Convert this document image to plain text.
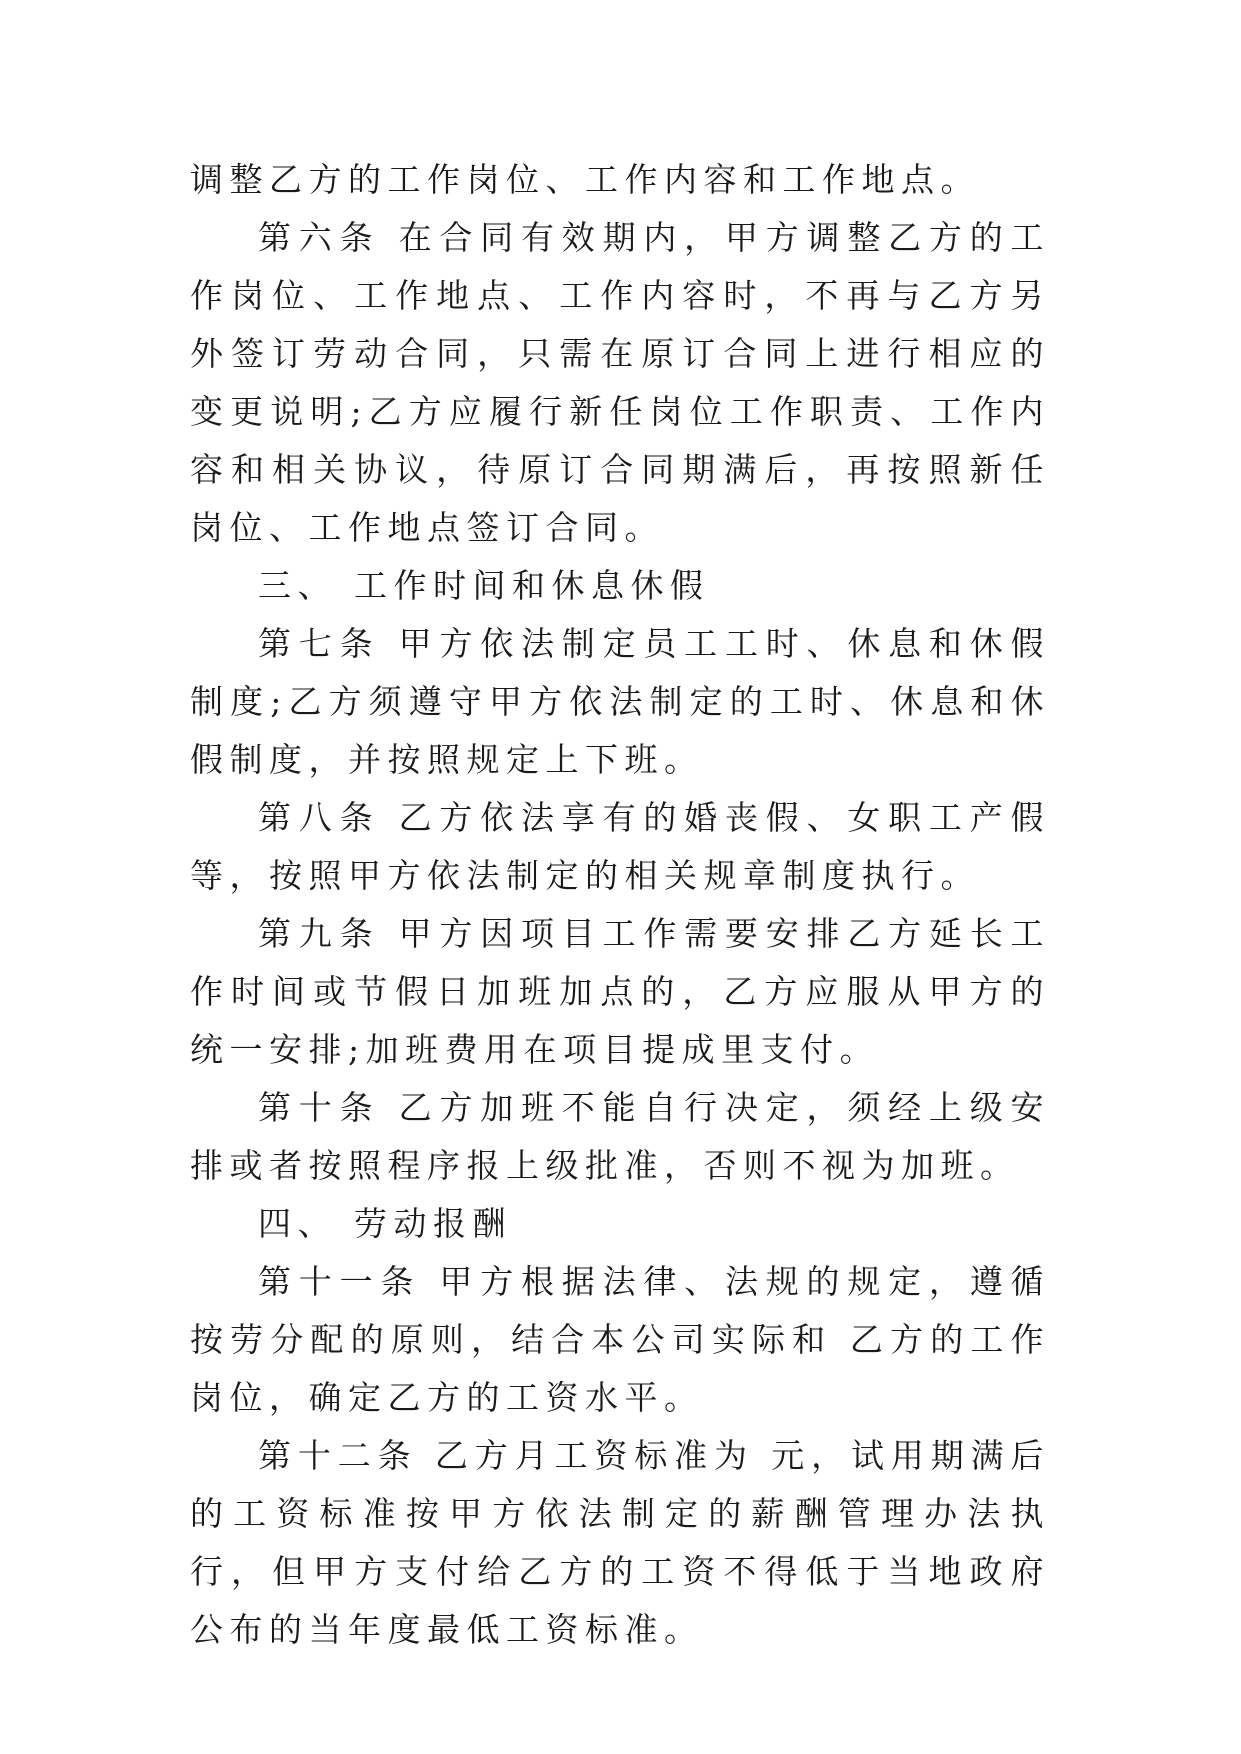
调整乙方的工作岗位、工作内容和工作地点。

第六条 在合同有效期内，甲方调整乙方的工作岗位、工作地点、工作内容时，不再与乙方另外签订劳动合同，只需在原订合同上进行相应的变更说明;乙方应履行新任岗位工作职责、工作内容和相关协议，待原订合同期满后，再按照新任岗位、工作地点签订合同。

三、 工作时间和休息休假

第七条 甲方依法制定员工工时、休息和休假制度;乙方须遵守甲方依法制定的工时、休息和休假制度，并按照规定上下班。

第八条 乙方依法享有的婚丧假、女职工产假等，按照甲方依法制定的相关规章制度执行。

第九条 甲方因项目工作需要安排乙方延长工作时间或节假日加班加点的，乙方应服从甲方的统一安排;加班费用在项目提成里支付。

第十条 乙方加班不能自行决定，须经上级安排或者按照程序报上级批准，否则不视为加班。

四、 劳动报酬

第十一条 甲方根据法律、法规的规定，遵循按劳分配的原则，结合本公司实际和 乙方的工作岗位，确定乙方的工资水平。

第十二条 乙方月工资标准为 元，试用期满后的工资标准按甲方依法制定的薪酬管理办法执行，但甲方支付给乙方的工资不得低于当地政府公布的当年度最低工资标准。
